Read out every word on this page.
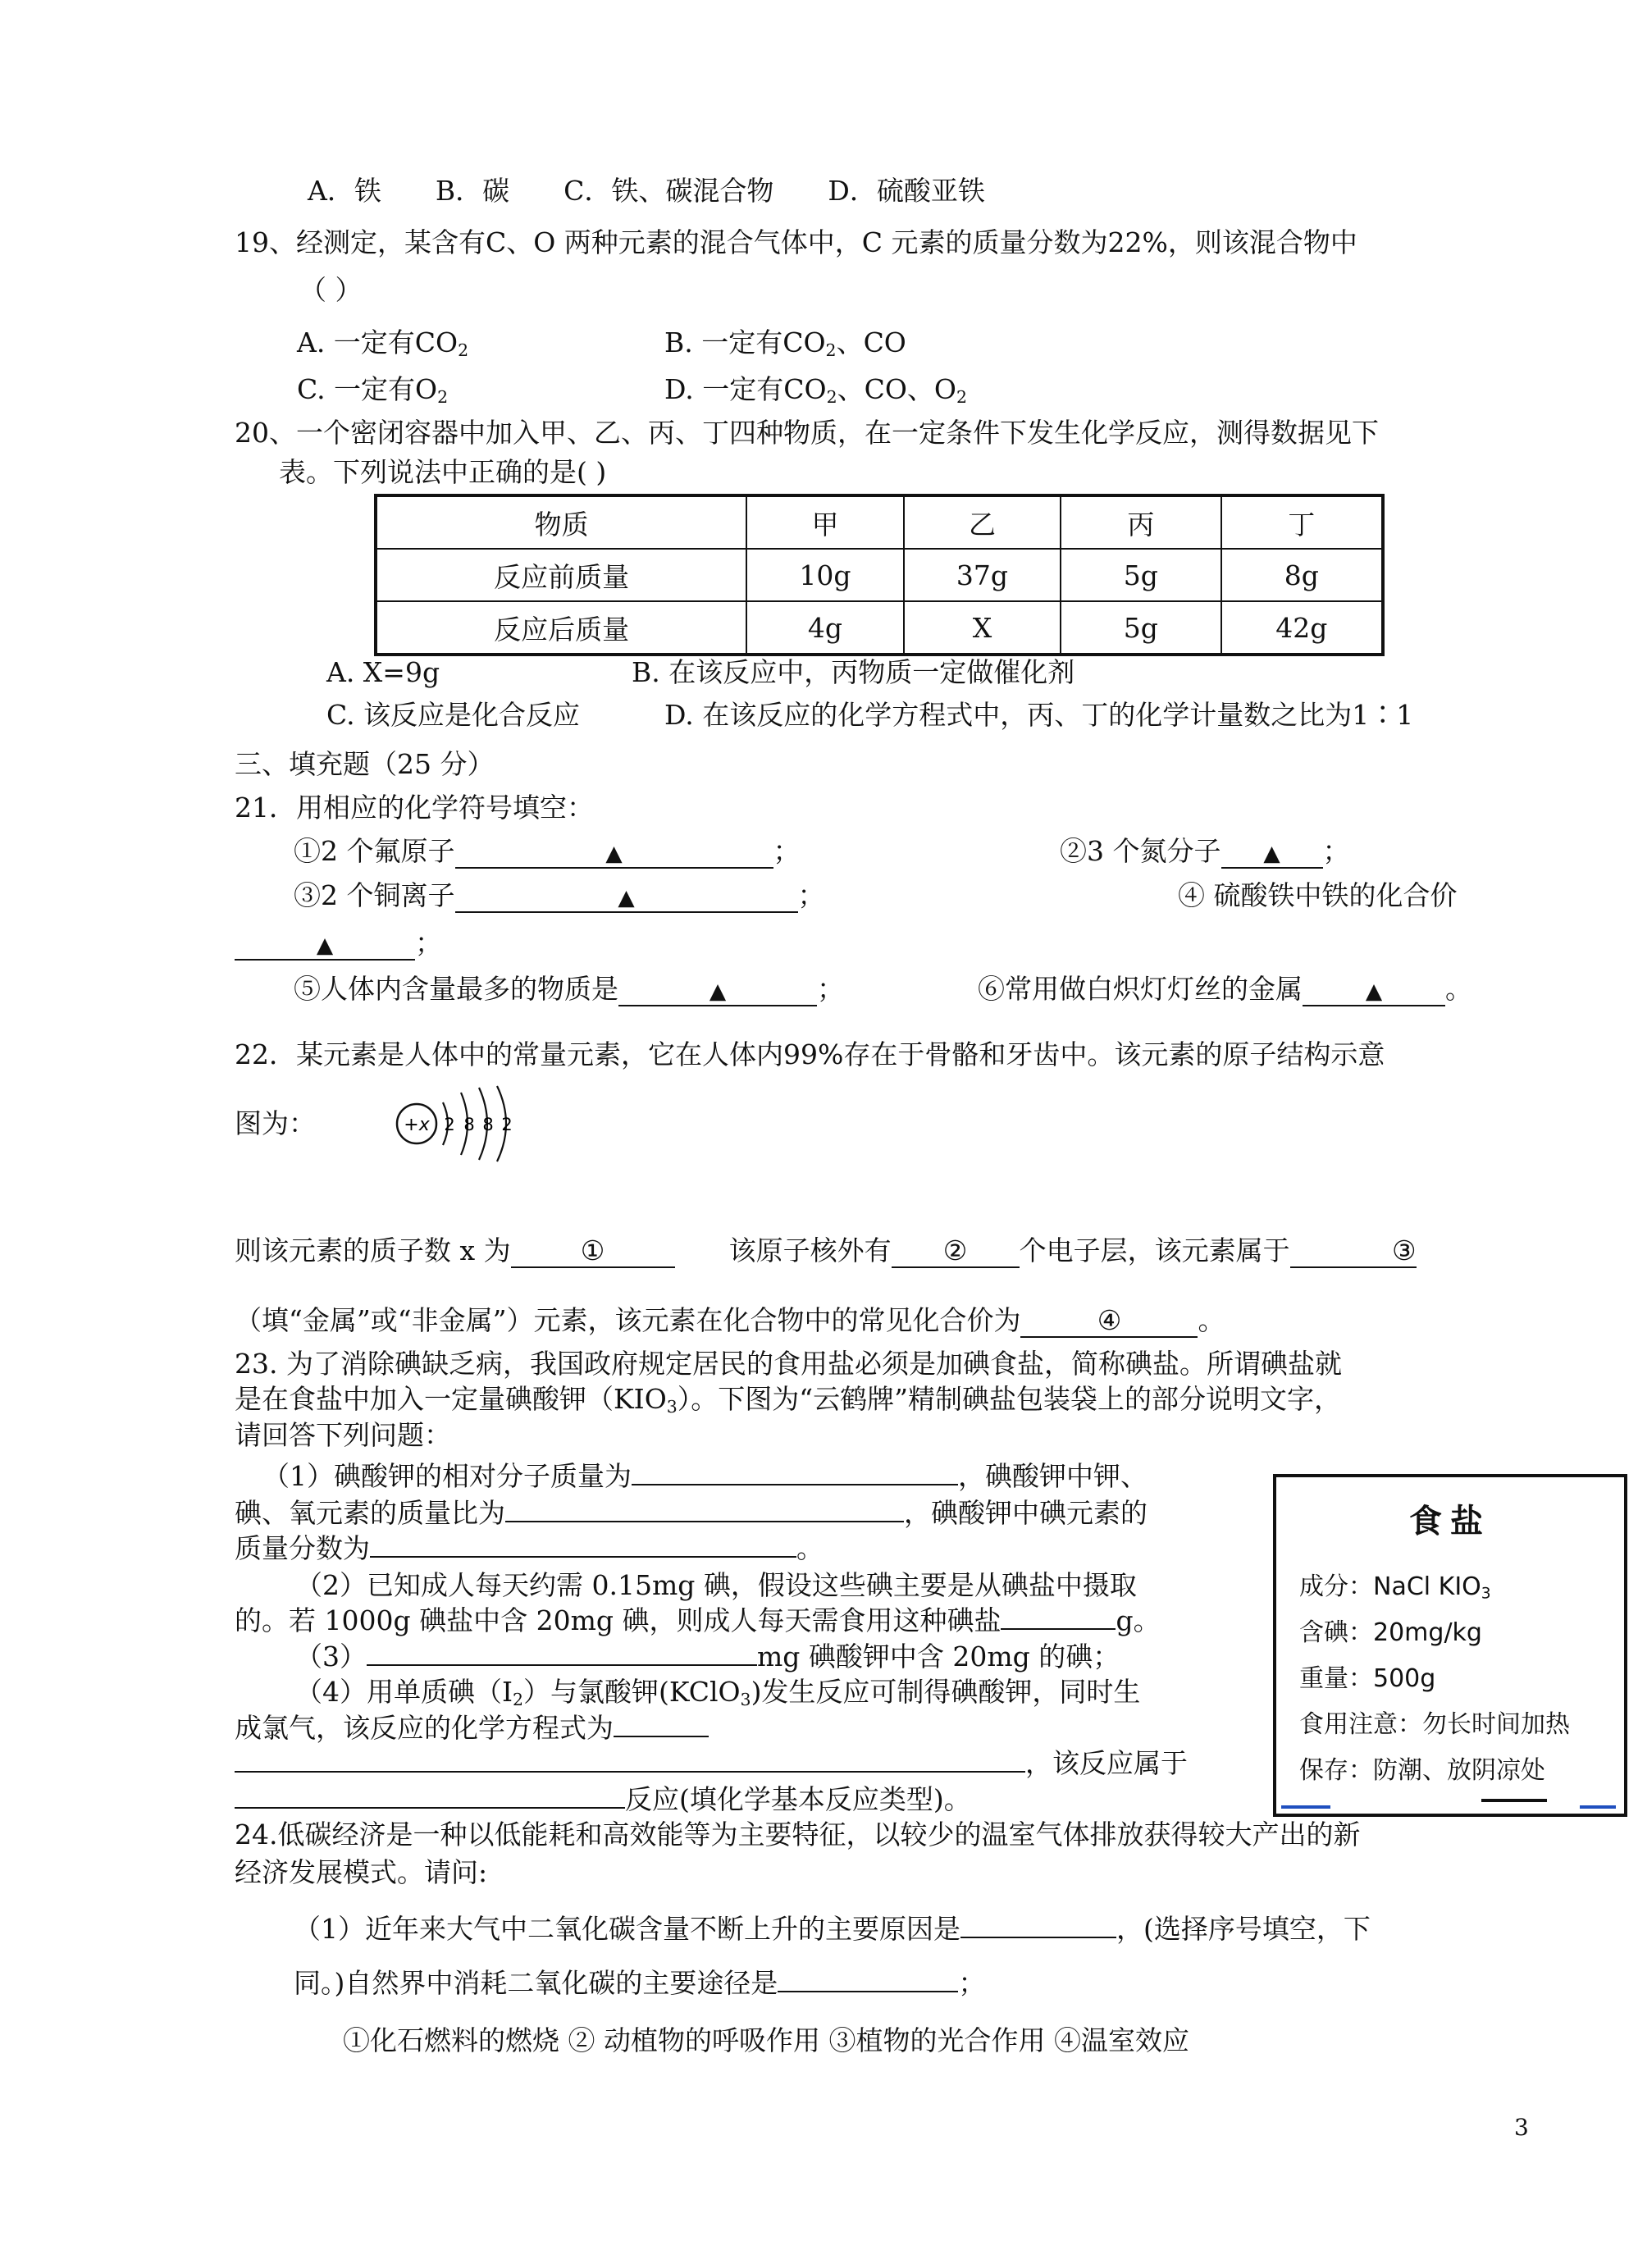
A．铁 B．碳 C．铁、碳混合物 D．硫酸亚铁
19、经测定，某含有C、O 两种元素的混合气体中，C 元素的质量分数为22%，则该混合物中
（ ）
A. 一定有$CO_2$	B. 一定有$CO_2$、CO
C. 一定有$O_2$	D. 一定有$CO_2$、CO、$O_2$
20、一个密闭容器中加入甲、乙、丙、丁四种物质，在一定条件下发生化学反应，测得数据见下
表。下列说法中正确的是( )
物质	甲	乙	丙	丁
反应前质量	10g	37g	5g	8g
反应后质量	4g	X	5g	42g
A. X=9g	B. 在该反应中，丙物质一定做催化剂
C. 该反应是化合反应	D. 在该反应的化学方程式中，丙、丁的化学计量数之比为1∶1
三、填充题（25 分）
21．用相应的化学符号填空：
①2 个氟原子	▲	；	②3 个氮分子 ▲ ；
③2 个铜离子	▲	；	④ 硫酸铁中铁的化合价
▲	；
⑤人体内含量最多的物质是	▲	；	⑥常用做白炽灯灯丝的金属	▲ 。
22．某元素是人体中的常量元素，它在人体内99%存在于骨骼和牙齿中。该元素的原子结构示意
图为：	+x 2 8 8 2
则该元素的质子数 x 为	①	该原子核外有 ② 个电子层，该元素属于	③
（填“金属”或“非金属”）元素，该元素在化合物中的常见化合价为	④	。
23. 为了消除碘缺乏病，我国政府规定居民的食用盐必须是加碘食盐，简称碘盐。所谓碘盐就
是在食盐中加入一定量碘酸钾$(KIO_3)$。下图为“云鹤牌”精制碘盐包装袋上的部分说明文字，
请回答下列问题：
（1）碘酸钾的相对分子质量为	，碘酸钾中钾、
碘、氧元素的质量比为	，碘酸钾中碘元素的
质量分数为	。
（2）已知成人每天约需 0.15mg 碘，假设这些碘主要是从碘盐中摄取
的。若 1000g 碘盐中含 20mg 碘，则成人每天需食用这种碘盐	g。
（3）	mg 碘酸钾中含 20mg 的碘；
（4）用单质碘$(I_2)$与氯酸钾(KClO$_3$)发生反应可制得碘酸钾，同时生
成氯气，该反应的化学方程式为
，该反应属于
反应(填化学基本反应类型)。
食盐
成分：NaCl $KIO_3$
含碘：20mg/kg
重量：500g
食用注意：勿长时间加热
保存：防潮、放阴凉处
24.低碳经济是一种以低能耗和高效能等为主要特征，以较少的温室气体排放获得较大产出的新
经济发展模式。请问:
（1）近年来大气中二氧化碳含量不断上升的主要原因是	，(选择序号填空，下
同。)自然界中消耗二氧化碳的主要途径是	；
①化石燃料的燃烧 ② 动植物的呼吸作用 ③植物的光合作用 ④温室效应
3
